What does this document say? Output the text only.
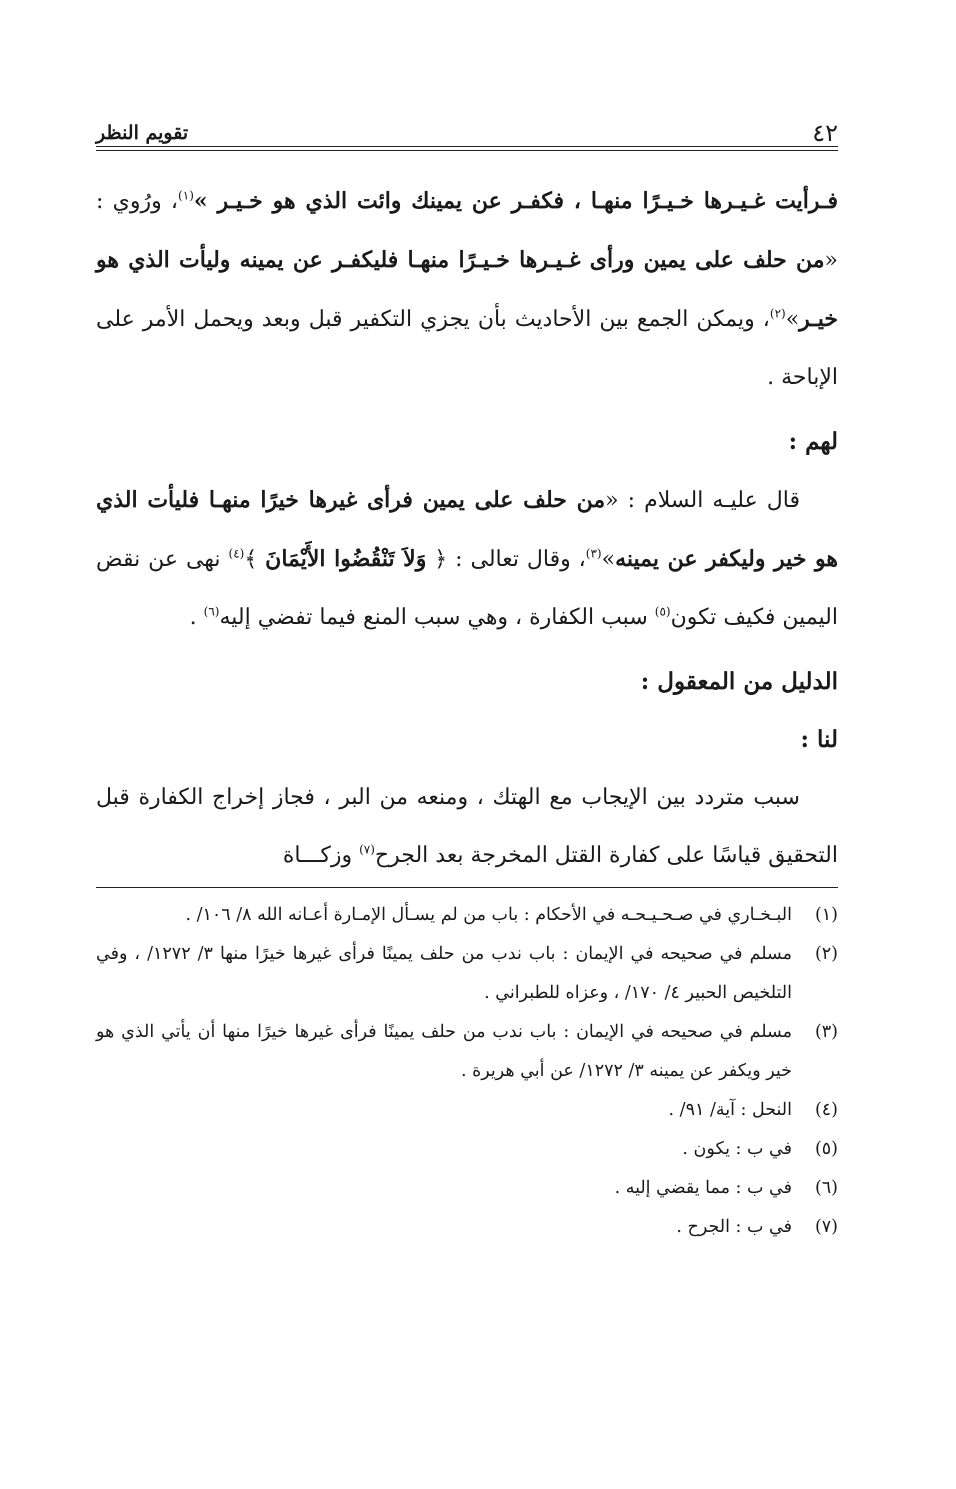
٤٢
تقويم النظر

فـرأيت غـيـرها خـيـرًا منهـا ، فكفـر عن يمينك وائت الذي هو خـيـر »$^{(١)}$، ورُوي : «من حلف على يمين ورأى غـيـرها خـيـرًا منهـا فليكفـر عن يمينه وليأت الذي هو خيـر»$^{(٢)}$، ويمكن الجمع بين الأحاديث بأن يجزي التكفير قبل وبعد ويحمل الأمر على الإباحة .

لهم :

قال عليـه السلام : «من حلف على يمين فرأى غيرها خيرًا منهـا فليأت الذي هو خير وليكفر عن يمينه»$^{(٣)}$، وقال تعالى : ﴿ وَلاَ تَنْقُضُوا الأَيْمَانَ ﴾$^{(٤)}$ نهى عن نقض اليمين فكيف تكون$^{(٥)}$ سبب الكفارة ، وهي سبب المنع فيما تفضي إليه$^{(٦)}$ .

الدليل من المعقول :

لنا :

سبب متردد بين الإيجاب مع الهتك ، ومنعه من البر ، فجاز إخراج الكفارة قبل التحقيق قياسًا على كفارة القتل المخرجة بعد الجرح$^{(٧)}$ وزكـــاة

(١)
البـخـاري في صـحـيـحـه في الأحكام : باب من لم يسـأل الإمـارة أعـانه الله ٨/ ١٠٦/ .
(٢)
مسلم في صحيحه في الإيمان : باب ندب من حلف يمينًا فرأى غيرها خيرًا منها ٣/ ١٢٧٢/ ، وفي التلخيص الحبير ٤/ ١٧٠/ ، وعزاه للطبراني .
(٣)
مسلم في صحيحه في الإيمان : باب ندب من حلف يمينًا فرأى غيرها خيرًا منها أن يأتي الذي هو خير ويكفر عن يمينه ٣/ ١٢٧٢/ عن أبي هريرة .
(٤)
النحل : آية/ ٩١/ .
(٥)
في ب : يكون .
(٦)
في ب : مما يقضي إليه .
(٧)
في ب : الجرح .
